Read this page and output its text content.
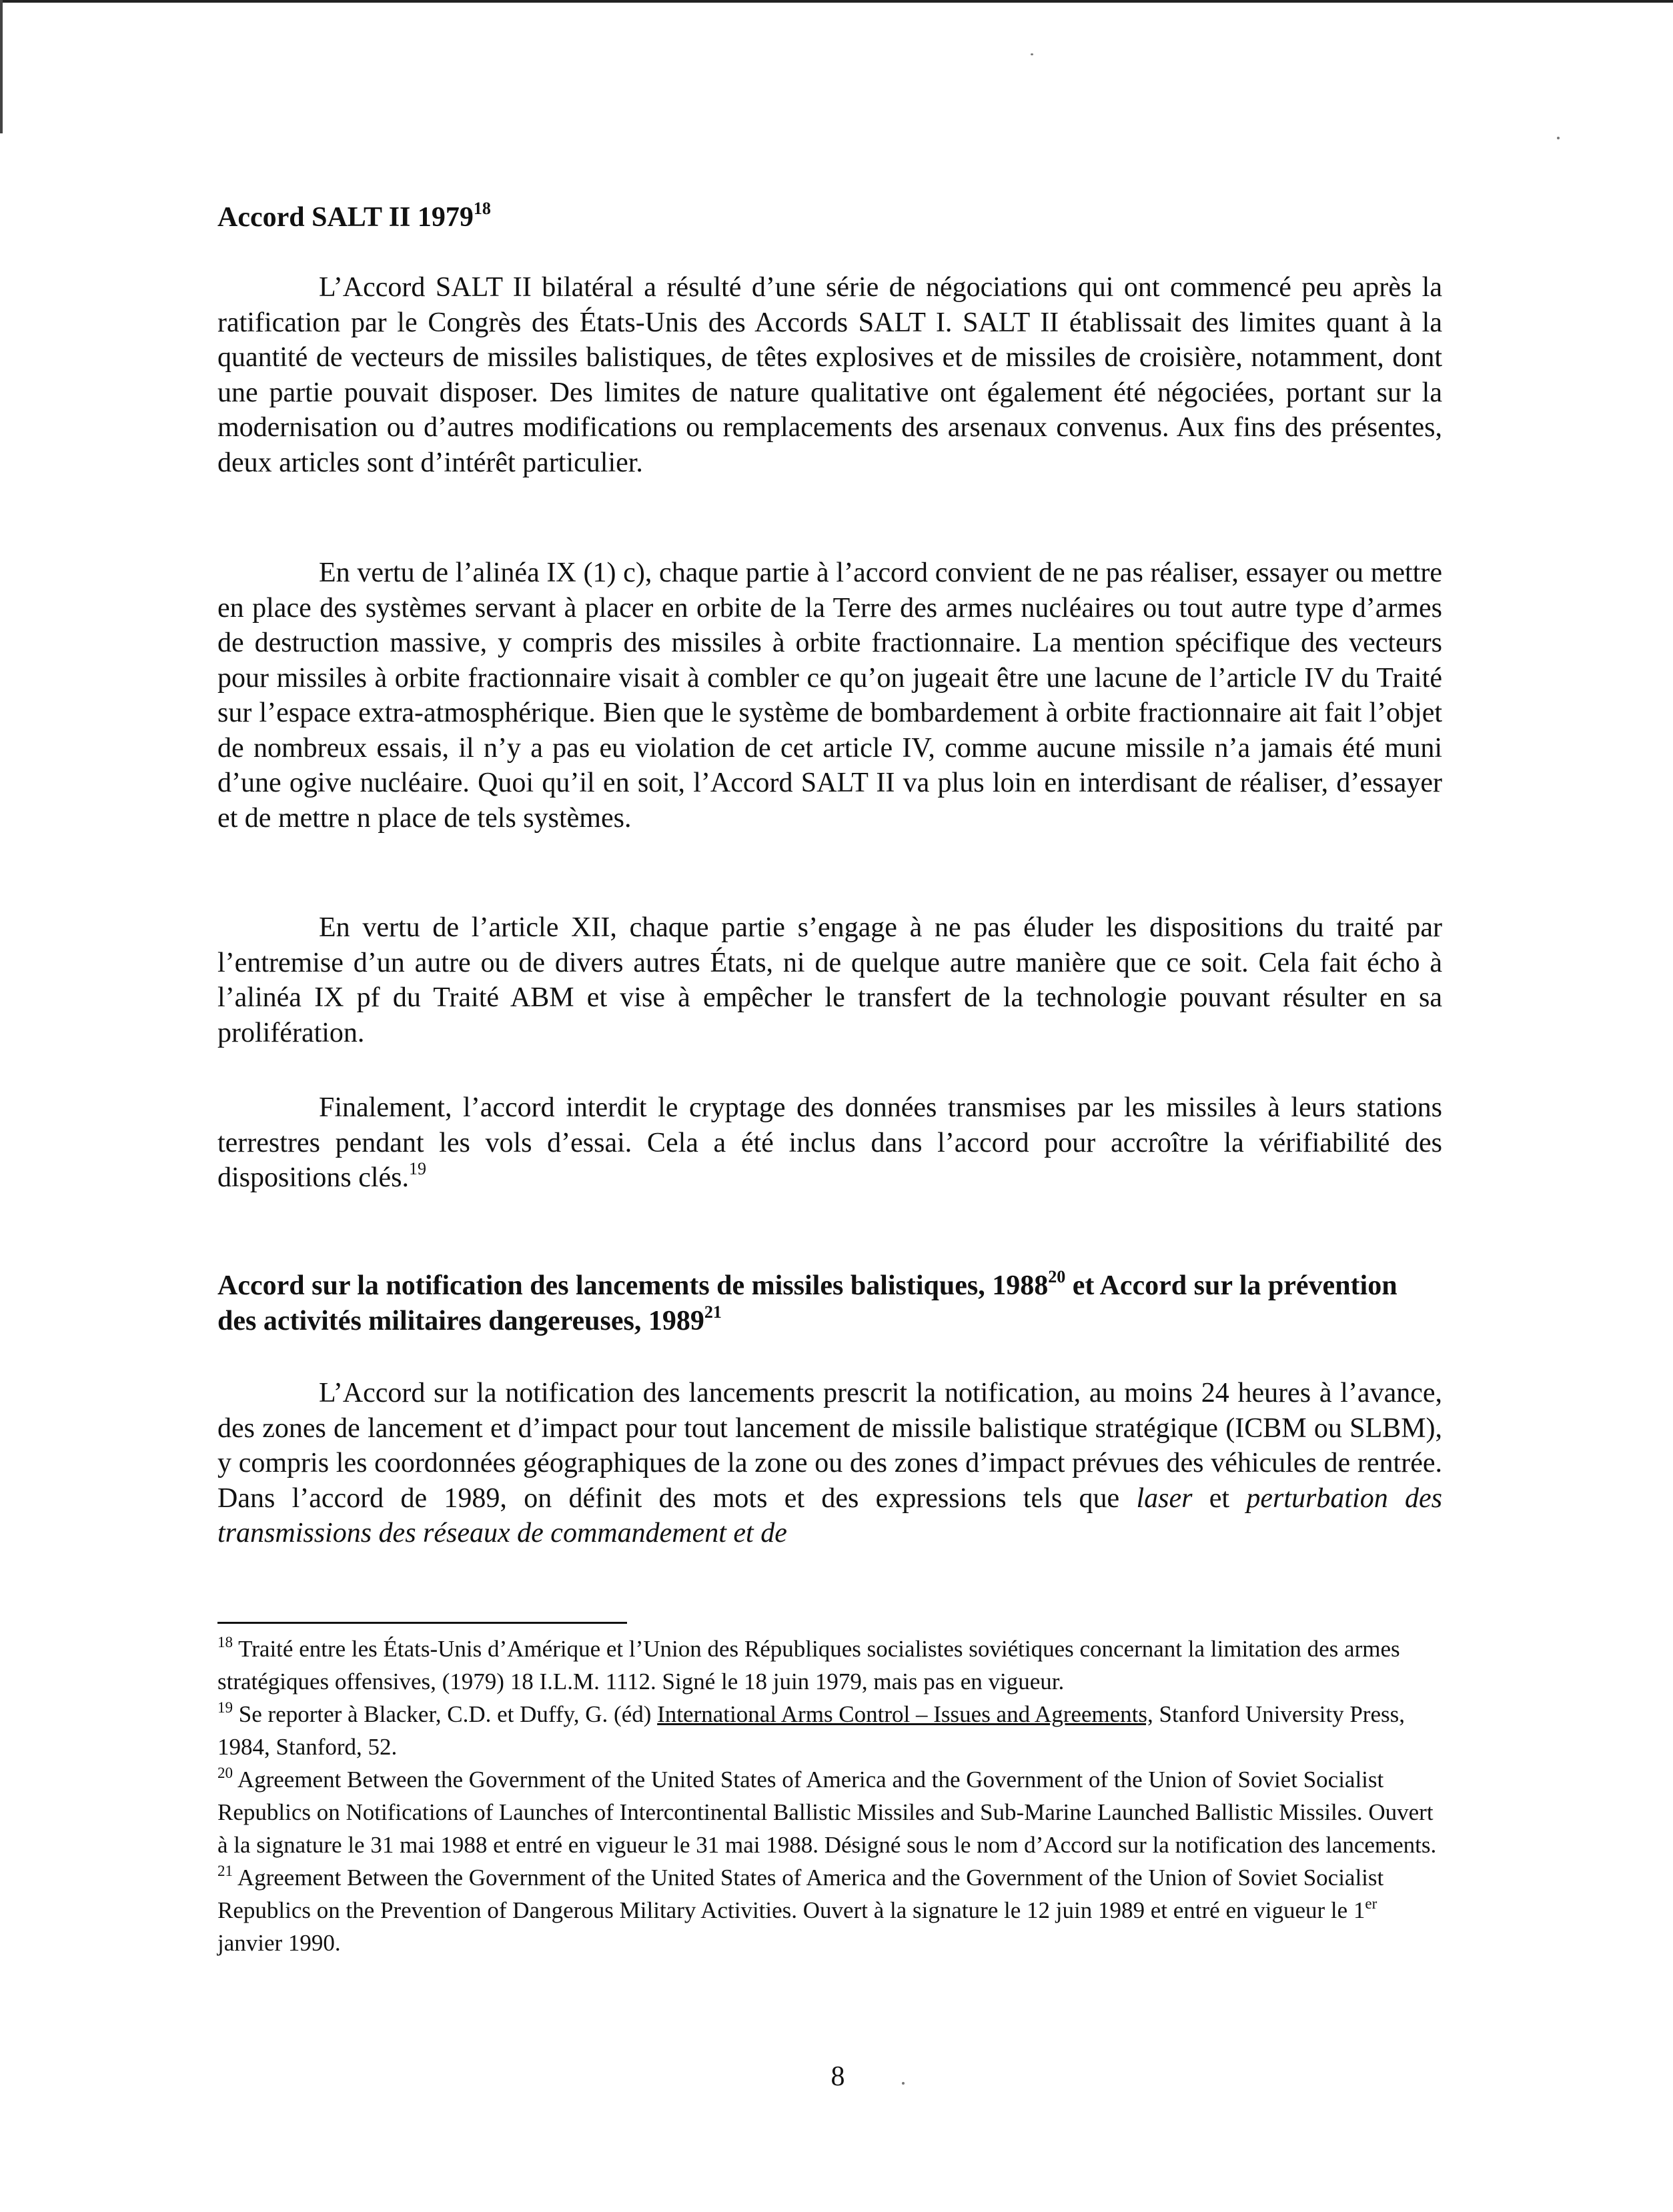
Accord SALT II 1979$^{18}$

L’Accord SALT II bilatéral a résulté d’une série de négociations qui ont commencé peu après la ratification par le Congrès des États-Unis des Accords SALT I. SALT II établissait des limites quant à la quantité de vecteurs de missiles balistiques, de têtes explosives et de missiles de croisière, notamment, dont une partie pouvait disposer. Des limites de nature qualitative ont également été négociées, portant sur la modernisation ou d’autres modifications ou remplacements des arsenaux convenus. Aux fins des présentes, deux articles sont d’intérêt particulier.

En vertu de l’alinéa IX (1) c), chaque partie à l’accord convient de ne pas réaliser, essayer ou mettre en place des systèmes servant à placer en orbite de la Terre des armes nucléaires ou tout autre type d’armes de destruction massive, y compris des missiles à orbite fractionnaire. La mention spécifique des vecteurs pour missiles à orbite fractionnaire visait à combler ce qu’on jugeait être une lacune de l’article IV du Traité sur l’espace extra-atmosphérique. Bien que le système de bombardement à orbite fractionnaire ait fait l’objet de nombreux essais, il n’y a pas eu violation de cet article IV, comme aucune missile n’a jamais été muni d’une ogive nucléaire. Quoi qu’il en soit, l’Accord SALT II va plus loin en interdisant de réaliser, d’essayer et de mettre n place de tels systèmes.

En vertu de l’article XII, chaque partie s’engage à ne pas éluder les dispositions du traité par l’entremise d’un autre ou de divers autres États, ni de quelque autre manière que ce soit. Cela fait écho à l’alinéa IX pf du Traité ABM et vise à empêcher le transfert de la technologie pouvant résulter en sa prolifération.

Finalement, l’accord interdit le cryptage des données transmises par les missiles à leurs stations terrestres pendant les vols d’essai. Cela a été inclus dans l’accord pour accroître la vérifiabilité des dispositions clés.$^{19}$

Accord sur la notification des lancements de missiles balistiques, 1988$^{20}$ et Accord sur la prévention des activités militaires dangereuses, 1989$^{21}$

L’Accord sur la notification des lancements prescrit la notification, au moins 24 heures à l’avance, des zones de lancement et d’impact pour tout lancement de missile balistique stratégique (ICBM ou SLBM), y compris les coordonnées géographiques de la zone ou des zones d’impact prévues des véhicules de rentrée. Dans l’accord de 1989, on définit des mots et des expressions tels que laser et perturbation des transmissions des réseaux de commandement et de

$^{18}$ Traité entre les États-Unis d’Amérique et l’Union des Républiques socialistes soviétiques concernant la limitation des armes stratégiques offensives, (1979) 18 I.L.M. 1112. Signé le 18 juin 1979, mais pas en vigueur.

$^{19}$ Se reporter à Blacker, C.D. et Duffy, G. (éd) International Arms Control – Issues and Agreements, Stanford University Press, 1984, Stanford, 52.

$^{20}$ Agreement Between the Government of the United States of America and the Government of the Union of Soviet Socialist Republics on Notifications of Launches of Intercontinental Ballistic Missiles and Sub-Marine Launched Ballistic Missiles. Ouvert à la signature le 31 mai 1988 et entré en vigueur le 31 mai 1988. Désigné sous le nom d’Accord sur la notification des lancements.

$^{21}$ Agreement Between the Government of the United States of America and the Government of the Union of Soviet Socialist Republics on the Prevention of Dangerous Military Activities. Ouvert à la signature le 12 juin 1989 et entré en vigueur le 1er janvier 1990.

8
